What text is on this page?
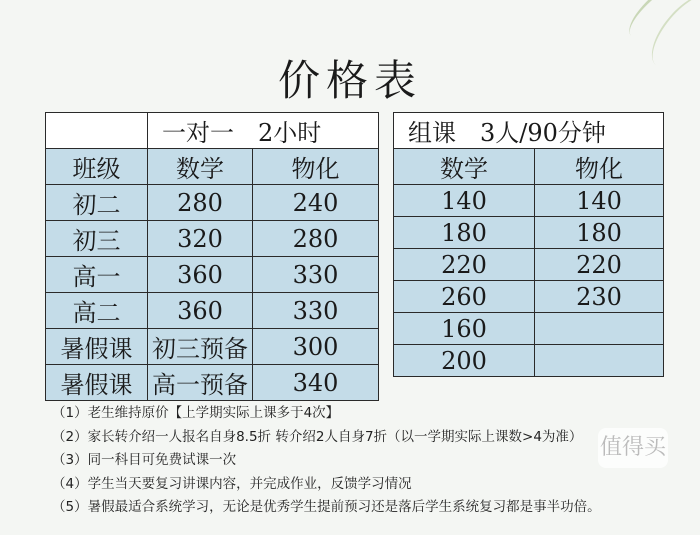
价格表
	一对一　2小时	
班级	数学	物化
初二	280	240
初三	320	280
高一	360	330
高二	360	330
暑假课	初三预备	300
暑假课	高一预备	340
组课　3人/90分钟	
数学	物化
140	140
180	180
220	220
260	230
160	
200	
（1）老生维持原价【上学期实际上课多于4次】
（2）家长转介绍一人报名自身8.5折 转介绍2人自身7折（以一学期实际上课数>4为准）
（3）同一科目可免费试课一次
（4）学生当天要复习讲课内容，并完成作业，反馈学习情况
（5）暑假最适合系统学习，无论是优秀学生提前预习还是落后学生系统复习都是事半功倍。
值得买
